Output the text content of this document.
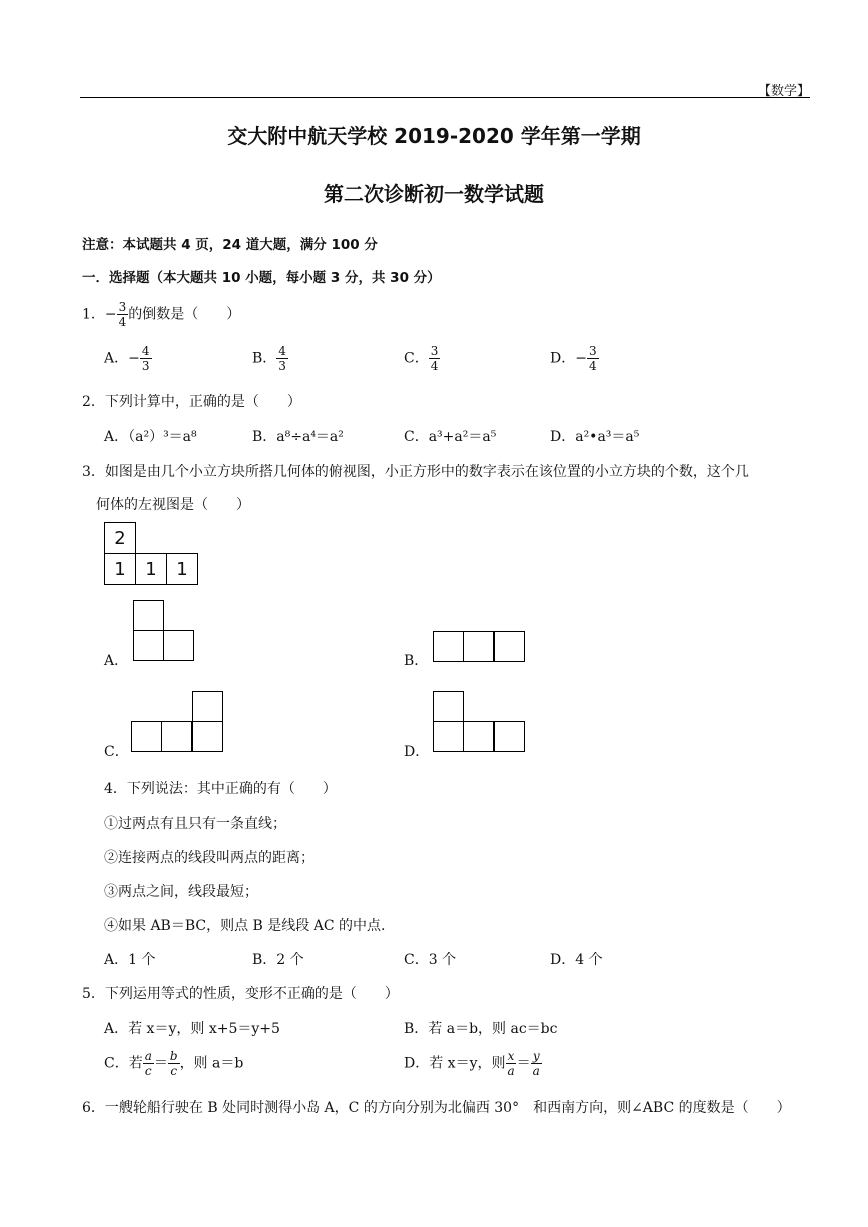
【数学】
交大附中航天学校 2019-2020 学年第一学期
第二次诊断初一数学试题
注意：本试题共 4 页，24 道大题，满分 100 分
一．选择题（本大题共 10 小题，每小题 3 分，共 30 分）
1．− $\frac{3}{4}$ 的倒数是（　　）
A．− $\frac{4}{3}$	B． $\frac{4}{3}$	C． $\frac{3}{4}$	D．− $\frac{3}{4}$
2．下列计算中，正确的是（　　）
A．（a²）³＝a⁸	B．a⁸÷a⁴＝a²	C．a³+a²＝a⁵	D．a²•a³＝a⁵
3．如图是由几个小立方块所搭几何体的俯视图，小正方形中的数字表示在该位置的小立方块的个数，这个几
何体的左视图是（　　）
2
1	1	1
A．	B．
C．	D．
4．下列说法：其中正确的有（　　）
①过两点有且只有一条直线；
②连接两点的线段叫两点的距离；
③两点之间，线段最短；
④如果 AB＝BC，则点 B 是线段 AC 的中点.
A．1 个	B．2 个	C．3 个	D．4 个
5．下列运用等式的性质，变形不正确的是（　　）
A．若 x＝y，则 x+5＝y+5	B．若 a＝b，则 ac＝bc
C．若 $\frac{a}{c} = \frac{b}{c}$ ，则 a＝b	D．若 x＝y，则 $\frac{x}{a} = \frac{y}{a}$
6．一艘轮船行驶在 B 处同时测得小岛 A，C 的方向分别为北偏西 30°　和西南方向，则∠ABC 的度数是（　　）
